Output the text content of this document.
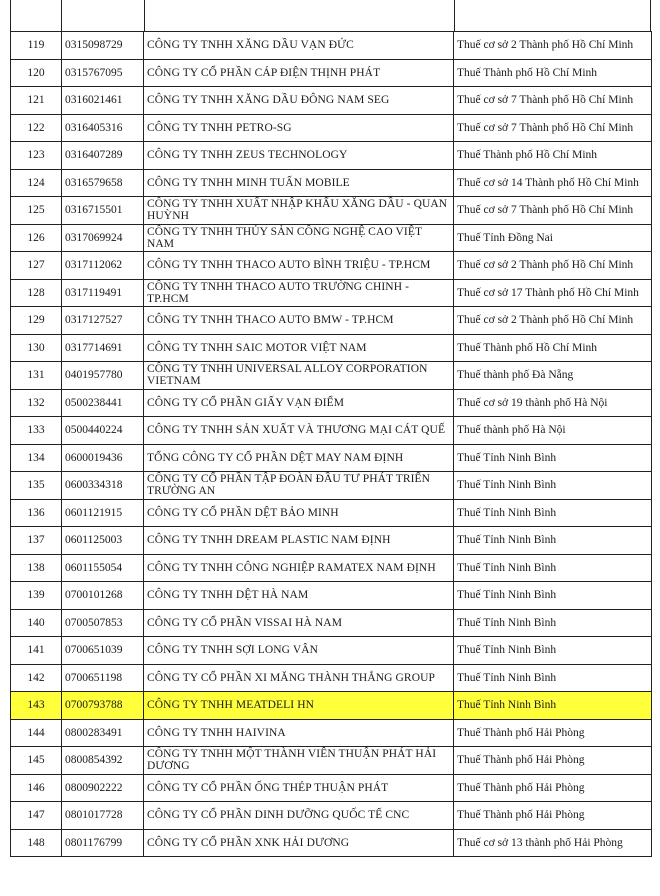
119	0315098729	CÔNG TY TNHH XĂNG DẦU VẠN ĐỨC	Thuế cơ sở 2 Thành phố Hồ Chí Minh
120	0315767095	CÔNG TY CỔ PHẦN CÁP ĐIỆN THỊNH PHÁT	Thuế Thành phố Hồ Chí Minh
121	0316021461	CÔNG TY TNHH XĂNG DẦU ĐÔNG NAM SEG	Thuế cơ sở 7 Thành phố Hồ Chí Minh
122	0316405316	CÔNG TY TNHH PETRO-SG	Thuế cơ sở 7 Thành phố Hồ Chí Minh
123	0316407289	CÔNG TY TNHH ZEUS TECHNOLOGY	Thuế Thành phố Hồ Chí Minh
124	0316579658	CÔNG TY TNHH MINH TUẤN MOBILE	Thuế cơ sở 14 Thành phố Hồ Chí Minh
125	0316715501	CÔNG TY TNHH XUẤT NHẬP KHẨU XĂNG DẦU - QUAN HUỲNH	Thuế cơ sở 7 Thành phố Hồ Chí Minh
126	0317069924	CÔNG TY TNHH THỦY SẢN CÔNG NGHỆ CAO VIỆT NAM	Thuế Tỉnh Đồng Nai
127	0317112062	CÔNG TY TNHH THACO AUTO BÌNH TRIỆU - TP.HCM	Thuế cơ sở 2 Thành phố Hồ Chí Minh
128	0317119491	CÔNG TY TNHH THACO AUTO TRƯỜNG CHINH - TP.HCM	Thuế cơ sở 17 Thành phố Hồ Chí Minh
129	0317127527	CÔNG TY TNHH THACO AUTO BMW - TP.HCM	Thuế cơ sở 2 Thành phố Hồ Chí Minh
130	0317714691	CÔNG TY TNHH SAIC MOTOR VIỆT NAM	Thuế Thành phố Hồ Chí Minh
131	0401957780	CÔNG TY TNHH UNIVERSAL ALLOY CORPORATION VIETNAM	Thuế thành phố Đà Nẵng
132	0500238441	CÔNG TY CỔ PHẦN GIẤY VẠN ĐIỂM	Thuế cơ sở 19 thành phố Hà Nội
133	0500440224	CÔNG TY TNHH SẢN XUẤT VÀ THƯƠNG MẠI CÁT QUẾ	Thuế thành phố Hà Nội
134	0600019436	TỔNG CÔNG TY CỔ PHẦN DỆT MAY NAM ĐỊNH	Thuế Tỉnh Ninh Bình
135	0600334318	CÔNG TY CỔ PHẦN TẬP ĐOÀN ĐẦU TƯ PHÁT TRIỂN TRƯỜNG AN	Thuế Tỉnh Ninh Bình
136	0601121915	CÔNG TY CỔ PHẦN DỆT BẢO MINH	Thuế Tỉnh Ninh Bình
137	0601125003	CÔNG TY TNHH DREAM PLASTIC NAM ĐỊNH	Thuế Tỉnh Ninh Bình
138	0601155054	CÔNG TY TNHH CÔNG NGHIỆP RAMATEX NAM ĐỊNH	Thuế Tỉnh Ninh Bình
139	0700101268	CÔNG TY TNHH DỆT HÀ NAM	Thuế Tỉnh Ninh Bình
140	0700507853	CÔNG TY CỔ PHẦN VISSAI HÀ NAM	Thuế Tỉnh Ninh Bình
141	0700651039	CÔNG TY TNHH SỢI LONG VÂN	Thuế Tỉnh Ninh Bình
142	0700651198	CÔNG TY CỔ PHẦN XI MĂNG THÀNH THẮNG GROUP	Thuế Tỉnh Ninh Bình
143	0700793788	CÔNG TY TNHH MEATDELI HN	Thuế Tỉnh Ninh Bình
144	0800283491	CÔNG TY TNHH HAIVINA	Thuế Thành phố Hải Phòng
145	0800854392	CÔNG TY TNHH MỘT THÀNH VIÊN THUẬN PHÁT HẢI DƯƠNG	Thuế Thành phố Hải Phòng
146	0800902222	CÔNG TY CỔ PHẦN ỐNG THÉP THUẬN PHÁT	Thuế Thành phố Hải Phòng
147	0801017728	CÔNG TY CỔ PHẦN DINH DƯỠNG QUỐC TẾ CNC	Thuế Thành phố Hải Phòng
148	0801176799	CÔNG TY CỔ PHẦN XNK HẢI DƯƠNG	Thuế cơ sở 13 thành phố Hải Phòng
